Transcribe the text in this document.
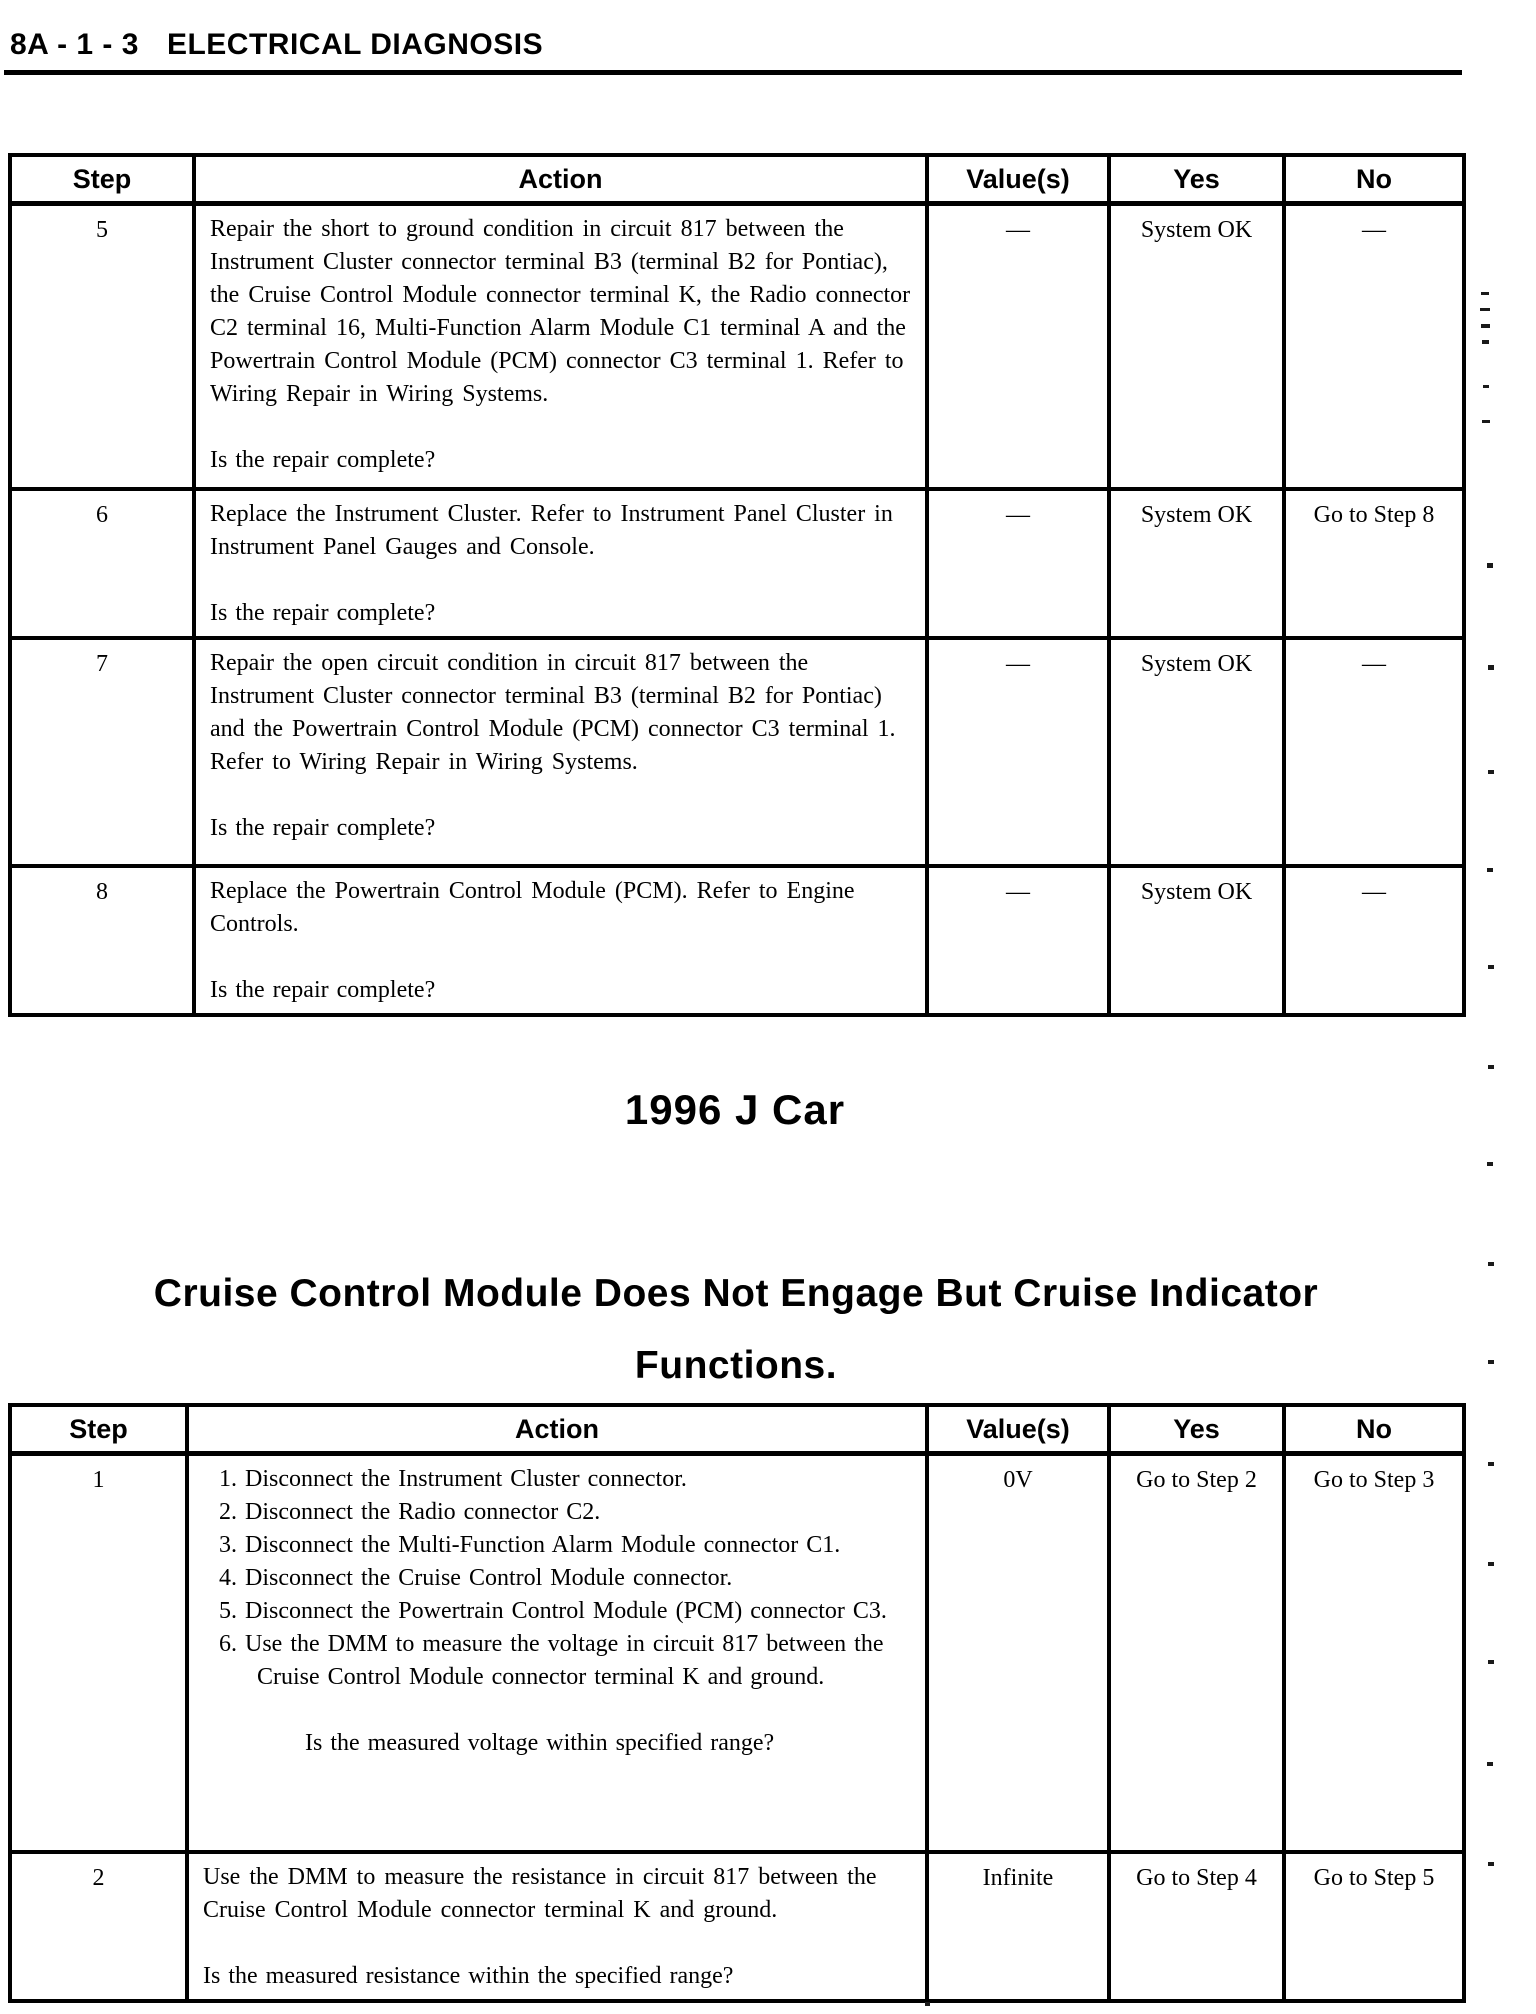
8A - 1 - 3 ELECTRICAL DIAGNOSIS
Step	Action	Value(s)	Yes	No
5	Repair the short to ground condition in circuit 817 between the Instrument Cluster connector terminal B3 (terminal B2 for Pontiac), the Cruise Control Module connector terminal K, the Radio connector C2 terminal 16, Multi-Function Alarm Module C1 terminal A and the Powertrain Control Module (PCM) connector C3 terminal 1. Refer to Wiring Repair in Wiring Systems.
Is the repair complete?	—	System OK	—
6	Replace the Instrument Cluster. Refer to Instrument Panel Cluster in Instrument Panel Gauges and Console.
Is the repair complete?	—	System OK	Go to Step 8
7	Repair the open circuit condition in circuit 817 between the Instrument Cluster connector terminal B3 (terminal B2 for Pontiac) and the Powertrain Control Module (PCM) connector C3 terminal 1. Refer to Wiring Repair in Wiring Systems.
Is the repair complete?	—	System OK	—
8	Replace the Powertrain Control Module (PCM). Refer to Engine Controls.
Is the repair complete?	—	System OK	—
1996 J Car
Cruise Control Module Does Not Engage But Cruise Indicator
Functions.
Step	Action	Value(s)	Yes	No
1	1. Disconnect the Instrument Cluster connector.
2. Disconnect the Radio connector C2.
3. Disconnect the Multi-Function Alarm Module connector C1.
4. Disconnect the Cruise Control Module connector.
5. Disconnect the Powertrain Control Module (PCM) connector C3.
6. Use the DMM to measure the voltage in circuit 817 between the Cruise Control Module connector terminal K and ground.
Is the measured voltage within specified range?
	0V	Go to Step 2	Go to Step 3
2	Use the DMM to measure the resistance in circuit 817 between the Cruise Control Module connector terminal K and ground.
Is the measured resistance within the specified range?	Infinite	Go to Step 4	Go to Step 5
